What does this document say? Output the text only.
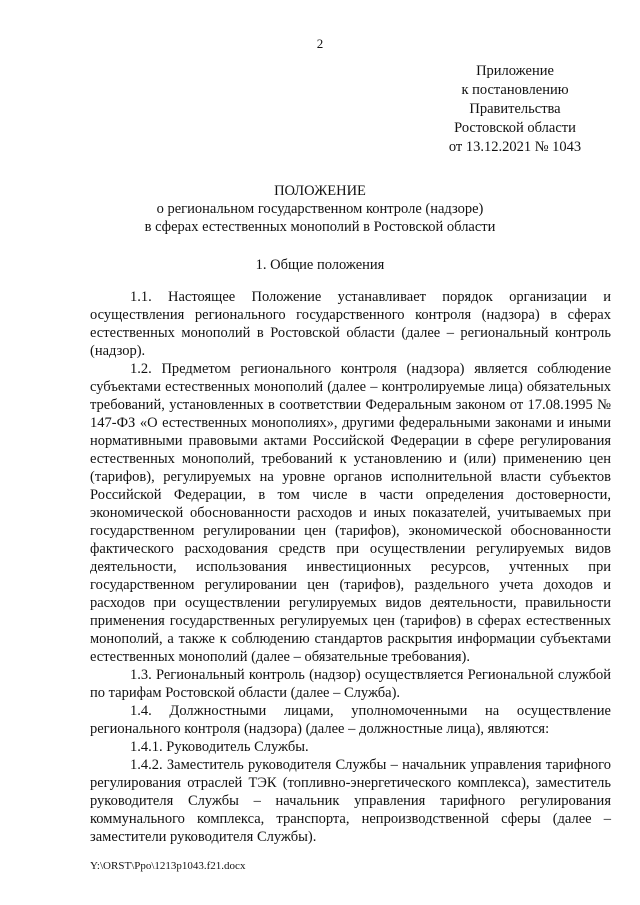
2
Приложение
к постановлению
Правительства
Ростовской области
от 13.12.2021 № 1043
ПОЛОЖЕНИЕ
о региональном государственном контроле (надзоре)
в сферах естественных монополий в Ростовской области
1. Общие положения

1.1. Настоящее Положение устанавливает порядок организации и осуществления регионального государственного контроля (надзора) в сферах естественных монополий в Ростовской области (далее – региональный контроль (надзор).

1.2. Предметом регионального контроля (надзора) является соблюдение субъектами естественных монополий (далее – контролируемые лица) обязательных требований, установленных в соответствии Федеральным законом от 17.08.1995 № 147-ФЗ «О естественных монополиях», другими федеральными законами и иными нормативными правовыми актами Российской Федерации в сфере регулирования естественных монополий, требований к установлению и (или) применению цен (тарифов), регулируемых на уровне органов исполнительной власти субъектов Российской Федерации, в том числе в части определения достоверности, экономической обоснованности расходов и иных показателей, учитываемых при государственном регулировании цен (тарифов), экономической обоснованности фактического расходования средств при осуществлении регулируемых видов деятельности, использования инвестиционных ресурсов, учтенных при государственном регулировании цен (тарифов), раздельного учета доходов и расходов при осуществлении регулируемых видов деятельности, правильности применения государственных регулируемых цен (тарифов) в сферах естественных монополий, а также к соблюдению стандартов раскрытия информации субъектами естественных монополий (далее – обязательные требования).

1.3. Региональный контроль (надзор) осуществляется Региональной службой по тарифам Ростовской области (далее – Служба).

1.4. Должностными лицами, уполномоченными на осуществление регионального контроля (надзора) (далее – должностные лица), являются:

1.4.1. Руководитель Службы.

1.4.2. Заместитель руководителя Службы – начальник управления тарифного регулирования отраслей ТЭК (топливно-энергетического комплекса), заместитель руководителя Службы – начальник управления тарифного регулирования коммунального комплекса, транспорта, непроизводственной сферы (далее – заместители руководителя Службы).

Y:\ORST\Ppo\1213p1043.f21.docx
